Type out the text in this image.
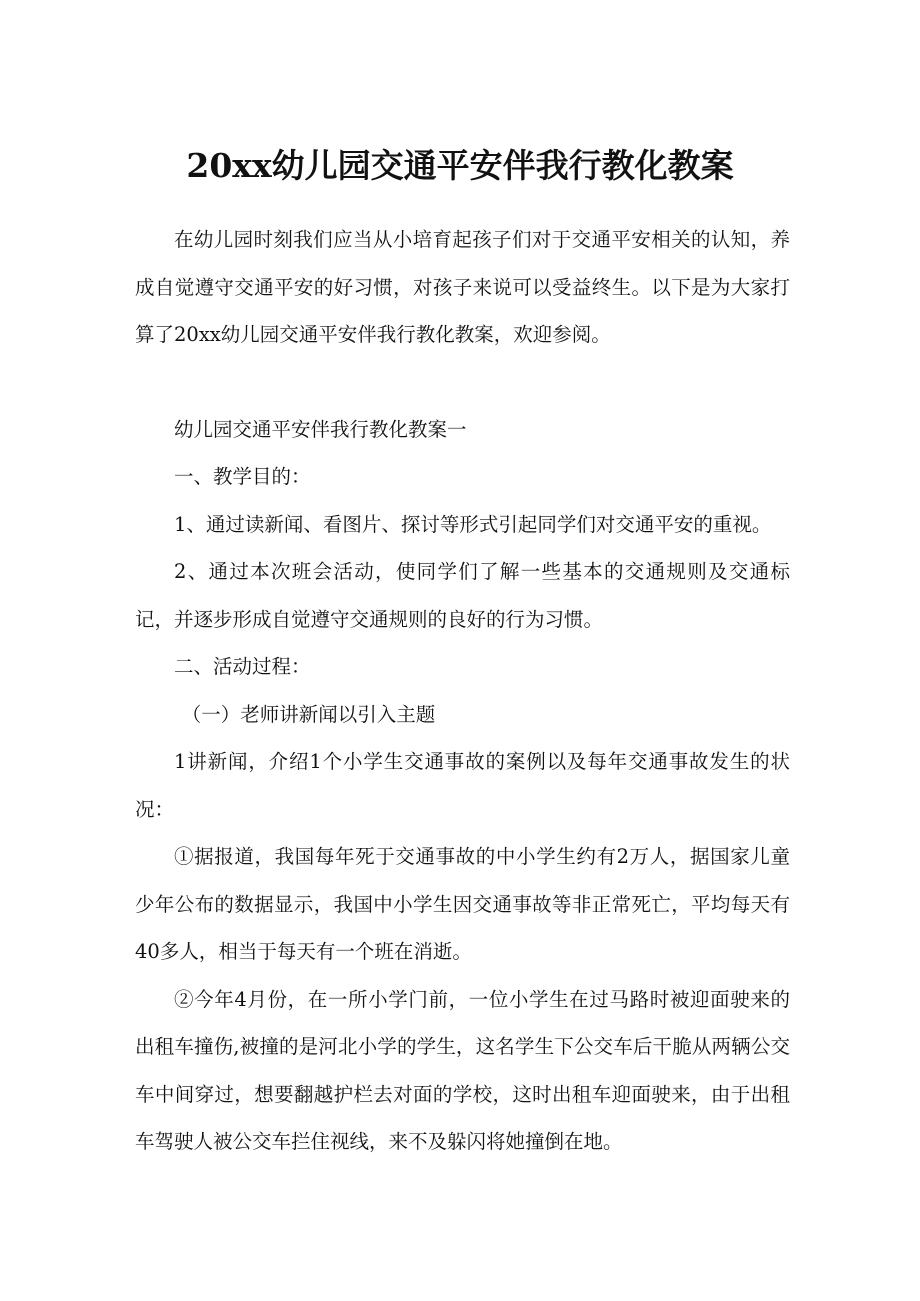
20xx幼儿园交通平安伴我行教化教案

在幼儿园时刻我们应当从小培育起孩子们对于交通平安相关的认知，养成自觉遵守交通平安的好习惯，对孩子来说可以受益终生。以下是为大家打算了20xx幼儿园交通平安伴我行教化教案，欢迎参阅。

幼儿园交通平安伴我行教化教案一

一、教学目的：

1、通过读新闻、看图片、探讨等形式引起同学们对交通平安的重视。

2、通过本次班会活动，使同学们了解一些基本的交通规则及交通标记，并逐步形成自觉遵守交通规则的良好的行为习惯。

二、活动过程：

（一）老师讲新闻以引入主题

1讲新闻，介绍1个小学生交通事故的案例以及每年交通事故发生的状况：

①据报道，我国每年死于交通事故的中小学生约有2万人，据国家儿童少年公布的数据显示，我国中小学生因交通事故等非正常死亡，平均每天有40多人，相当于每天有一个班在消逝。

②今年4月份，在一所小学门前，一位小学生在过马路时被迎面驶来的出租车撞伤,被撞的是河北小学的学生，这名学生下公交车后干脆从两辆公交车中间穿过，想要翻越护栏去对面的学校，这时出租车迎面驶来，由于出租车驾驶人被公交车拦住视线，来不及躲闪将她撞倒在地。
